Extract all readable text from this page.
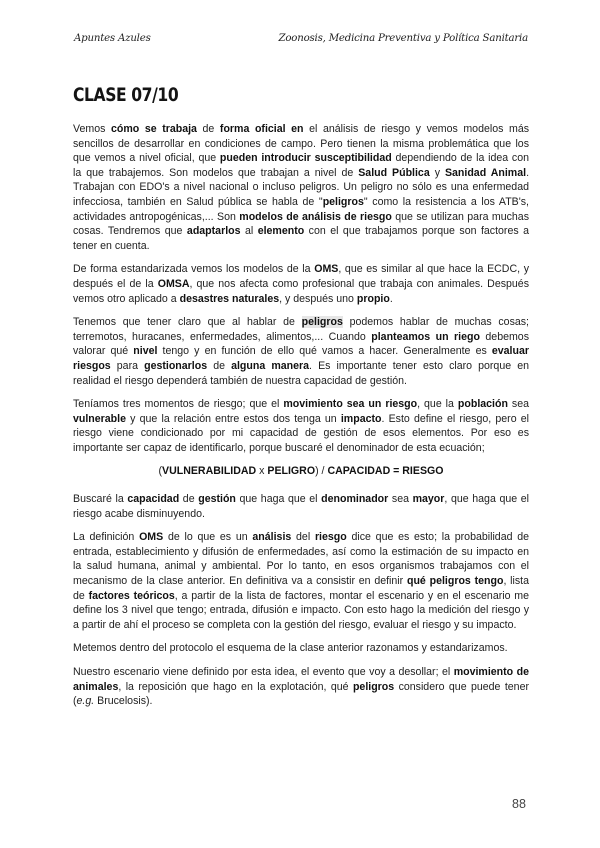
Apuntes Azules	Zoonosis, Medicina Preventiva y Política Sanitaria
CLASE 07/10

Vemos cómo se trabaja de forma oficial en el análisis de riesgo y vemos modelos más sencillos de desarrollar en condiciones de campo. Pero tienen la misma problemática que los que vemos a nivel oficial, que pueden introducir susceptibilidad dependiendo de la idea con la que trabajemos. Son modelos que trabajan a nivel de Salud Pública y Sanidad Animal. Trabajan con EDO's a nivel nacional o incluso peligros. Un peligro no sólo es una enfermedad infecciosa, también en Salud pública se habla de "peligros" como la resistencia a los ATB's, actividades antropogénicas,... Son modelos de análisis de riesgo que se utilizan para muchas cosas. Tendremos que adaptarlos al elemento con el que trabajamos porque son factores a tener en cuenta.

De forma estandarizada vemos los modelos de la OMS, que es similar al que hace la ECDC, y después el de la OMSA, que nos afecta como profesional que trabaja con animales. Después vemos otro aplicado a desastres naturales, y después uno propio.

Tenemos que tener claro que al hablar de peligros podemos hablar de muchas cosas; terremotos, huracanes, enfermedades, alimentos,... Cuando planteamos un riego debemos valorar qué nivel tengo y en función de ello qué vamos a hacer. Generalmente es evaluar riesgos para gestionarlos de alguna manera. Es importante tener esto claro porque en realidad el riesgo dependerá también de nuestra capacidad de gestión.

Teníamos tres momentos de riesgo; que el movimiento sea un riesgo, que la población sea vulnerable y que la relación entre estos dos tenga un impacto. Esto define el riesgo, pero el riesgo viene condicionado por mi capacidad de gestión de esos elementos. Por eso es importante ser capaz de identificarlo, porque buscaré el denominador de esta ecuación;

(VULNERABILIDAD x PELIGRO) / CAPACIDAD = RIESGO

Buscaré la capacidad de gestión que haga que el denominador sea mayor, que haga que el riesgo acabe disminuyendo.

La definición OMS de lo que es un análisis del riesgo dice que es esto; la probabilidad de entrada, establecimiento y difusión de enfermedades, así como la estimación de su impacto en la salud humana, animal y ambiental. Por lo tanto, en esos organismos trabajamos con el mecanismo de la clase anterior. En definitiva va a consistir en definir qué peligros tengo, lista de factores teóricos, a partir de la lista de factores, montar el escenario y en el escenario me define los 3 nivel que tengo; entrada, difusión e impacto. Con esto hago la medición del riesgo y a partir de ahí el proceso se completa con la gestión del riesgo, evaluar el riesgo y su impacto.

Metemos dentro del protocolo el esquema de la clase anterior razonamos y estandarizamos.

Nuestro escenario viene definido por esta idea, el evento que voy a desollar; el movimiento de animales, la reposición que hago en la explotación, qué peligros considero que puede tener (e.g. Brucelosis).

88
